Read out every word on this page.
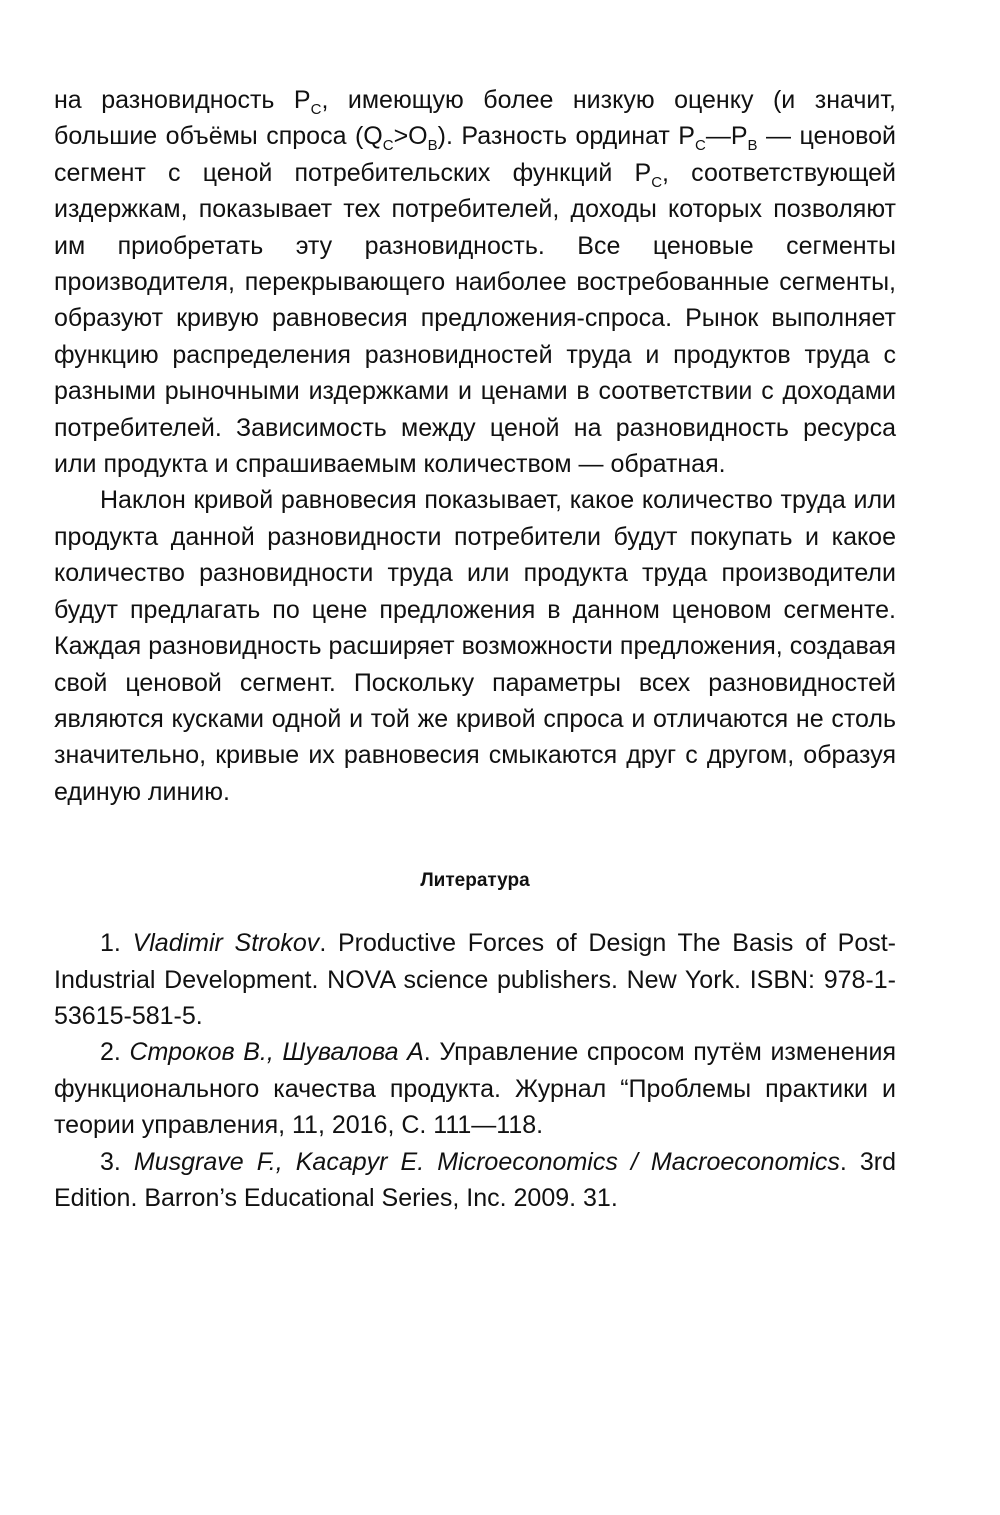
на разновидность $P_C$, имеющую более низкую оценку (и значит, большие объёмы спроса $(Q_C>O_B)$. Разность ординат $P_C—P_B$ — ценовой сегмент с ценой потребительских функций $P_C$, соответствующей издержкам, показывает тех потребителей, доходы которых позволяют им приобретать эту разновидность. Все ценовые сегменты производителя, перекрывающего наиболее востребованные сегменты, образуют кривую равновесия предложения-спроса. Рынок выполняет функцию распределения разновидностей труда и продуктов труда с разными рыночными издержками и ценами в соответствии с доходами потребителей. Зависимость между ценой на разновидность ресурса или продукта и спрашиваемым количеством — обратная.

Наклон кривой равновесия показывает, какое количество труда или продукта данной разновидности потребители будут покупать и какое количество разновидности труда или продукта труда производители будут предлагать по цене предложения в данном ценовом сегменте. Каждая разновидность расширяет возможности предложения, создавая свой ценовой сегмент. Поскольку параметры всех разновидностей являются кусками одной и той же кривой спроса и отличаются не столь значительно, кривые их равновесия смыкаются друг с другом, образуя единую линию.

Литература

1. Vladimir Strokov. Productive Forces of Design The Basis of Post-Industrial Development. NOVA science publishers. New York. ISBN: 978-1-53615-581-5.

2. Строков В., Шувалова А. Управление спросом путём изменения функционального качества продукта. Журнал “Проблемы практики и теории управления, 11, 2016, С. 111—118.

3. Musgrave F., Kacapyr E. Microeconomics / Macroeconomics. 3rd Edition. Barron’s Educational Series, Inc. 2009. 31.
